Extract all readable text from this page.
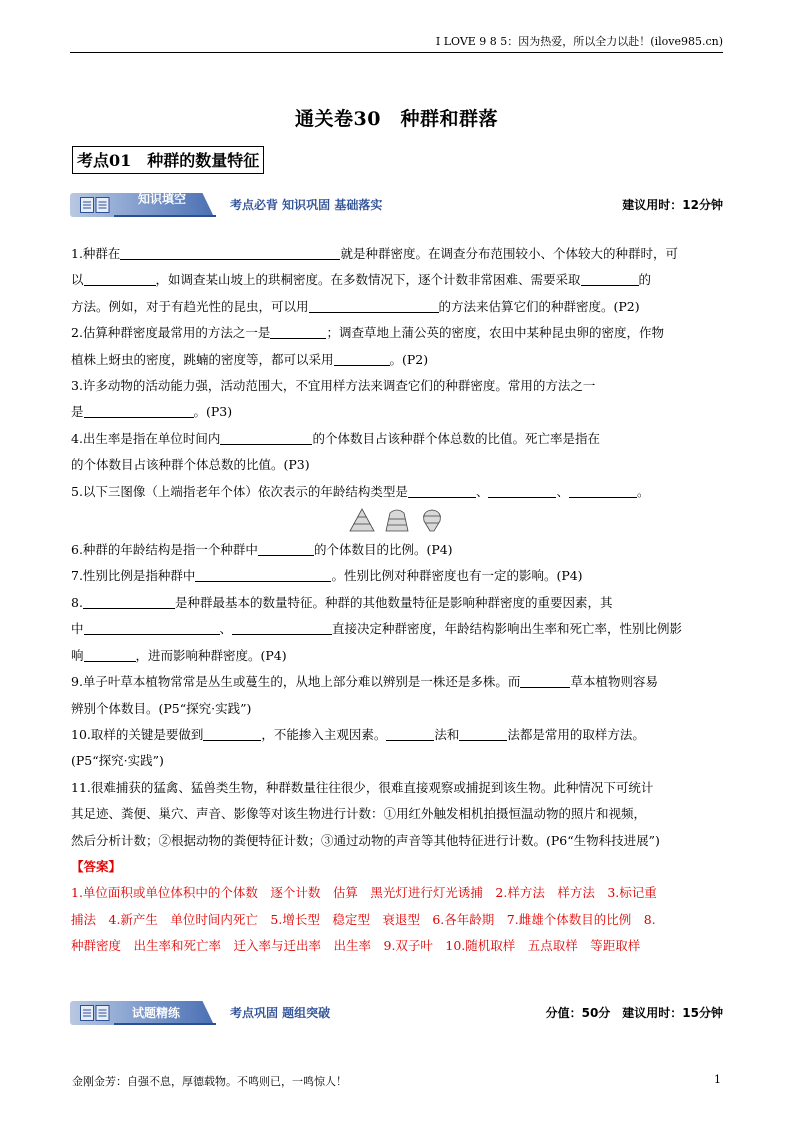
I LOVE 9 8 5：因为热爱，所以全力以赴！(ilove985.cn)
通关卷30　种群和群落
考点01　种群的数量特征
知识填空	考点必背 知识巩固 基础落实	建议用时：12分钟

1.种群在	就是种群密度。在调查分布范围较小、个体较大的种群时，可

以	，如调查某山坡上的珙桐密度。在多数情况下，逐个计数非常困难、需要采取	的

方法。例如，对于有趋光性的昆虫，可以用	的方法来估算它们的种群密度。(P2)

2.估算种群密度最常用的方法之一是	；调查草地上蒲公英的密度，农田中某种昆虫卵的密度，作物

植株上蚜虫的密度，跳蝻的密度等，都可以采用	。(P2)

3.许多动物的活动能力强，活动范围大，不宜用样方法来调查它们的种群密度。常用的方法之一

是	。(P3)

4.出生率是指在单位时间内	的个体数目占该种群个体总数的比值。死亡率是指在

的个体数目占该种群个体总数的比值。(P3)

5.以下三图像（上端指老年个体）依次表示的年龄结构类型是	、	、	。

6.种群的年龄结构是指一个种群中	的个体数目的比例。(P4)

7.性别比例是指种群中	。性别比例对种群密度也有一定的影响。(P4)

8.	是种群最基本的数量特征。种群的其他数量特征是影响种群密度的重要因素，其

中	、	直接决定种群密度，年龄结构影响出生率和死亡率，性别比例影

响	，进而影响种群密度。(P4)

9.单子叶草本植物常常是丛生或蔓生的，从地上部分难以辨别是一株还是多株。而	草本植物则容易

辨别个体数目。(P5“探究·实践”)

10.取样的关键是要做到	，不能掺入主观因素。	法和	法都是常用的取样方法。

(P5“探究·实践”)

11.很难捕获的猛禽、猛兽类生物，种群数量往往很少，很难直接观察或捕捉到该生物。此种情况下可统计

其足迹、粪便、巢穴、声音、影像等对该生物进行计数：①用红外触发相机拍摄恒温动物的照片和视频，

然后分析计数；②根据动物的粪便特征计数；③通过动物的声音等其他特征进行计数。(P6“生物科技进展”)

【答案】

1.单位面积或单位体积中的个体数　逐个计数　估算　黑光灯进行灯光诱捕　2.样方法　样方法　3.标记重

捕法　4.新产生　单位时间内死亡　5.增长型　稳定型　衰退型　6.各年龄期　7.雌雄个体数目的比例　8.

种群密度　出生率和死亡率　迁入率与迁出率　出生率　9.双子叶　10.随机取样　五点取样　等距取样

试题精练	考点巩固 题组突破	分值：50分　建议用时：15分钟
金刚金芳：自强不息，厚德载物。不鸣则已，一鸣惊人！	1
